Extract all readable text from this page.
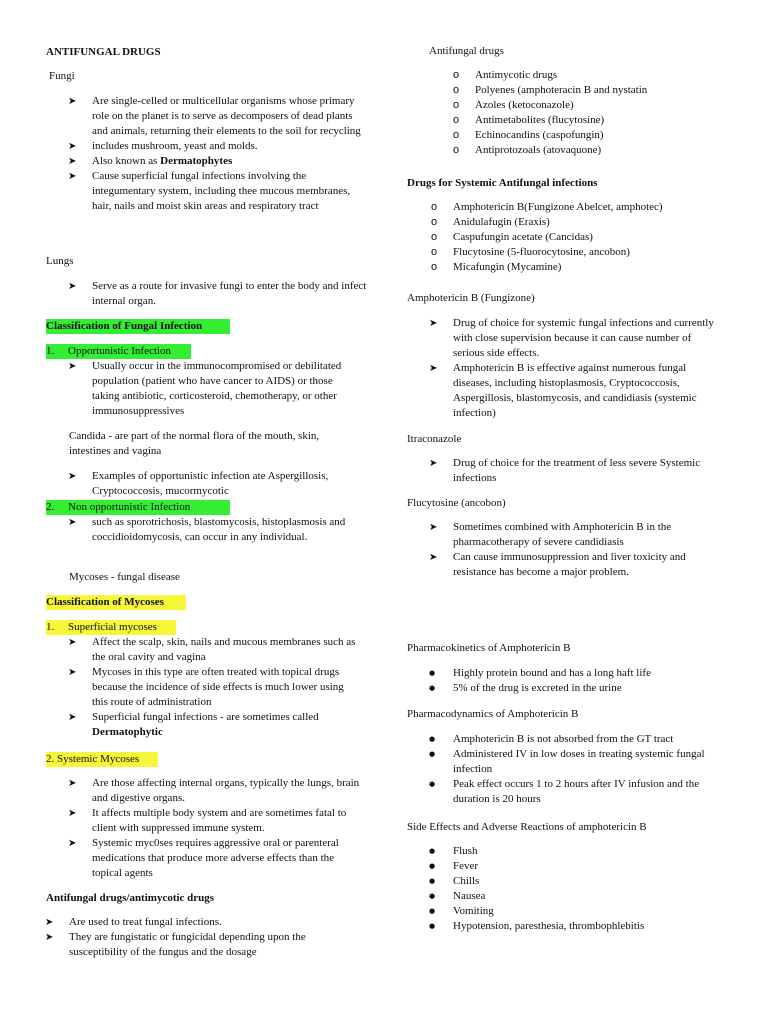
ANTIFUNGAL DRUGS
Fungi
➤ Are single-celled or multicellular organisms whose primary role on the planet is to serve as decomposers of dead plants and animals, returning their elements to the soil for recycling
➤ includes mushroom, yeast and molds.
➤ Also known as Dermatophytes
➤ Cause superficial fungal infections involving the integumentary system, including thee mucous membranes, hair, nails and moist skin areas and respiratory tract
Lungs
➤ Serve as a route for invasive fungi to enter the body and infect internal organ.
Classification of Fungal Infection
1. Opportunistic Infection
➤ Usually occur in the immunocompromised or debilitated population (patient who have cancer to AIDS) or those taking antibiotic, corticosteroid, chemotherapy, or other immunosuppressives
Candida - are part of the normal flora of the mouth, skin, intestines and vagina
➤ Examples of opportunistic infection ate Aspergillosis, Cryptococcosis, mucormycotic
2. Non opportunistic Infection
➤ such as sporotrichosis, blastomycosis, histoplasmosis and coccidioidomycosis, can occur in any individual.
Mycoses - fungal disease
Classification of Mycoses
1. Superficial mycoses
➤ Affect the scalp, skin, nails and mucous membranes such as the oral cavity and vagina
➤ Mycoses in this type are often treated with topical drugs because the incidence of side effects is much lower using this route of administration
➤ Superficial fungal infections - are sometimes called Dermatophytic
2. Systemic Mycoses
➤ Are those affecting internal organs, typically the lungs, brain and digestive organs.
➤ It affects multiple body system and are sometimes fatal to client with suppressed immune system.
➤ Systemic myc0ses requires aggressive oral or parenteral medications that produce more adverse effects than the topical agents
Antifungal drugs/antimycotic drugs
➤ Are used to treat fungal infections.
➤ They are fungistatic or fungicidal depending upon the susceptibility of the fungus and the dosage
Antifungal drugs
o Antimycotic drugs
o Polyenes (amphoteracin B and nystatin
o Azoles (ketoconazole)
o Antimetabolites (flucytosine)
o Echinocandins (caspofungin)
o Antiprotozoals (atovaquone)
Drugs for Systemic Antifungal infections
o Amphotericin B(Fungizone Abelcet, amphotec)
o Anidulafugin (Eraxis)
o Caspufungin acetate (Cancidas)
o Flucytosine (5-fluorocytosine, ancobon)
o Micafungin (Mycamine)
Amphotericin B (Fungizone)
➤ Drug of choice for systemic fungal infections and currently with close supervision because it can cause number of serious side effects.
➤ Amphotericin B is effective against numerous fungal diseases, including histoplasmosis, Cryptococcosis, Aspergillosis, blastomycosis, and candidiasis (systemic infection)
Itraconazole
➤ Drug of choice for the treatment of less severe Systemic infections
Flucytosine (ancobon)
➤ Sometimes combined with Amphotericin B in the pharmacotherapy of severe candidiasis
➤ Can cause immunosuppression and liver toxicity and resistance has become a major problem.
Pharmacokinetics of Amphotericin B
● Highly protein bound and has a long haft life
● 5% of the drug is excreted in the urine
Pharmacodynamics of Amphotericin B
● Amphotericin B is not absorbed from the GT tract
● Administered IV in low doses in treating systemic fungal infection
● Peak effect occurs 1 to 2 hours after IV infusion and the duration is 20 hours
Side Effects and Adverse Reactions of amphotericin B
● Flush
● Fever
● Chills
● Nausea
● Vomiting
● Hypotension, paresthesia, thrombophlebitis
